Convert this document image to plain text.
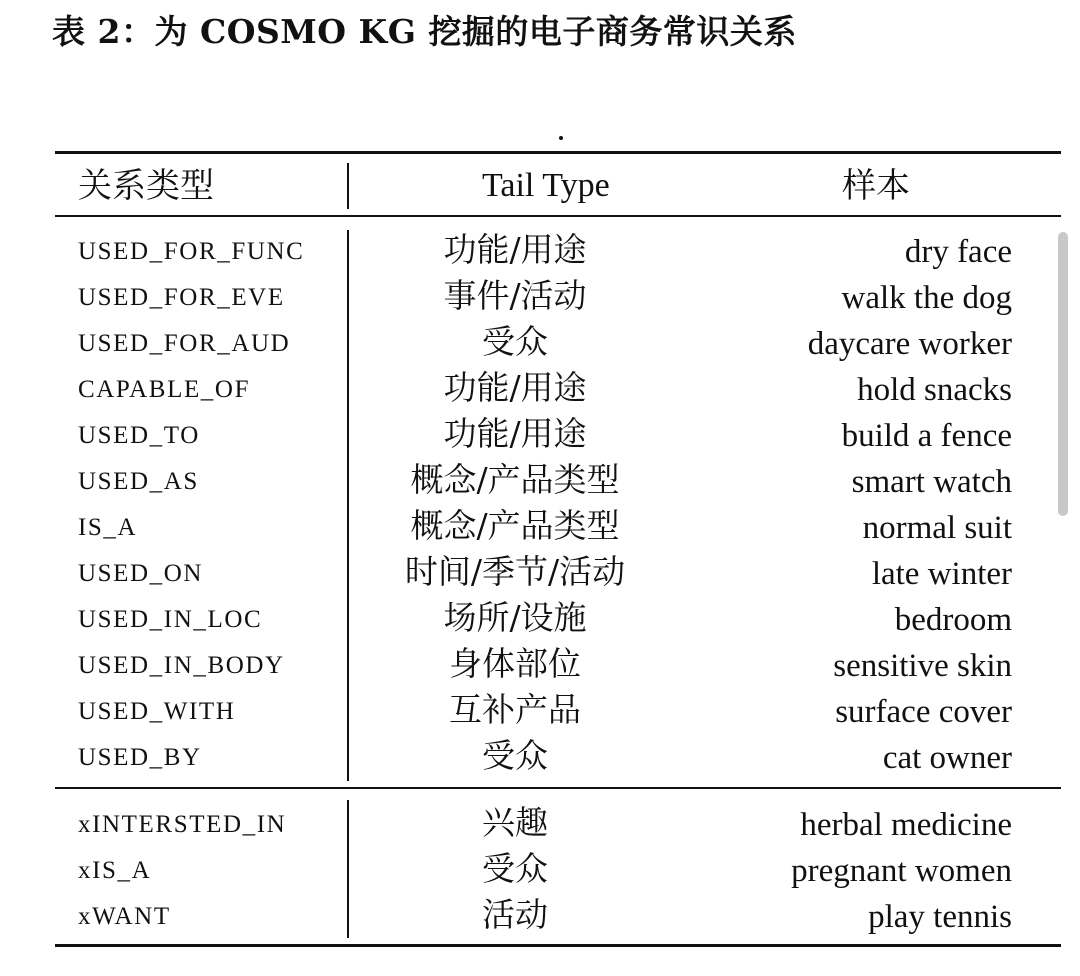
表 2：为 COSMO KG 挖掘的电子商务常识关系
关系类型	Tail Type	样本
USED_FOR_FUNC	功能/用途	dry face
USED_FOR_EVE	事件/活动	walk the dog
USED_FOR_AUD	受众	daycare worker
CAPABLE_OF	功能/用途	hold snacks
USED_TO	功能/用途	build a fence
USED_AS	概念/产品类型	smart watch
IS_A	概念/产品类型	normal suit
USED_ON	时间/季节/活动	late winter
USED_IN_LOC	场所/设施	bedroom
USED_IN_BODY	身体部位	sensitive skin
USED_WITH	互补产品	surface cover
USED_BY	受众	cat owner
xINTERSTED_IN	兴趣	herbal medicine
xIS_A	受众	pregnant women
xWANT	活动	play tennis
